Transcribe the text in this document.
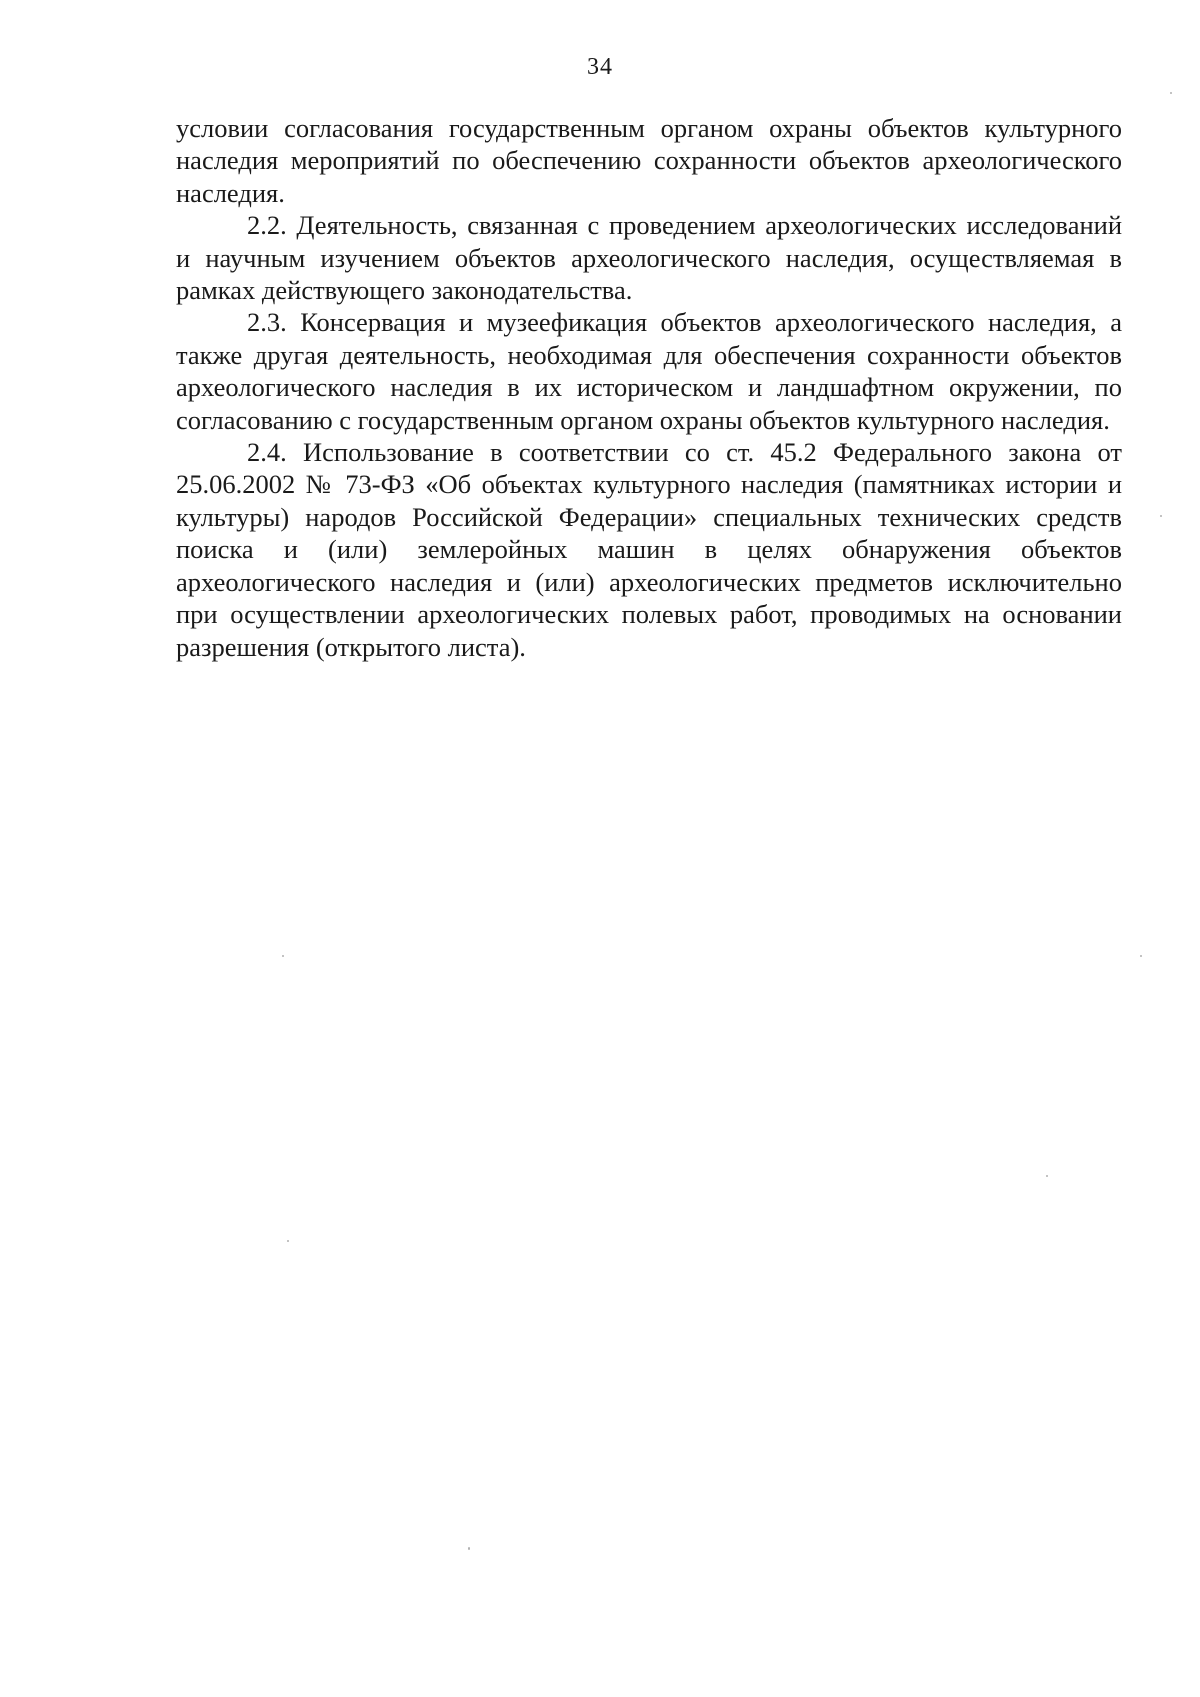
34

условии согласования государственным органом охраны объектов культурного наследия мероприятий по обеспечению сохранности объектов археологического наследия.

2.2. Деятельность, связанная с проведением археологических исследований и научным изучением объектов археологического наследия, осуществляемая в рамках действующего законодательства.

2.3. Консервация и музеефикация объектов археологического наследия, а также другая деятельность, необходимая для обеспечения сохранности объектов археологического наследия в их историческом и ландшафтном окружении, по согласованию с государственным органом охраны объектов культурного наследия.

2.4. Использование в соответствии со ст. 45.2 Федерального закона от 25.06.2002 № 73-ФЗ «Об объектах культурного наследия (памятниках истории и культуры) народов Российской Федерации» специальных технических средств поиска и (или) землеройных машин в целях обнаружения объектов археологического наследия и (или) археологических предметов исключительно при осуществлении археологических полевых работ, проводимых на основании разрешения (открытого листа).
